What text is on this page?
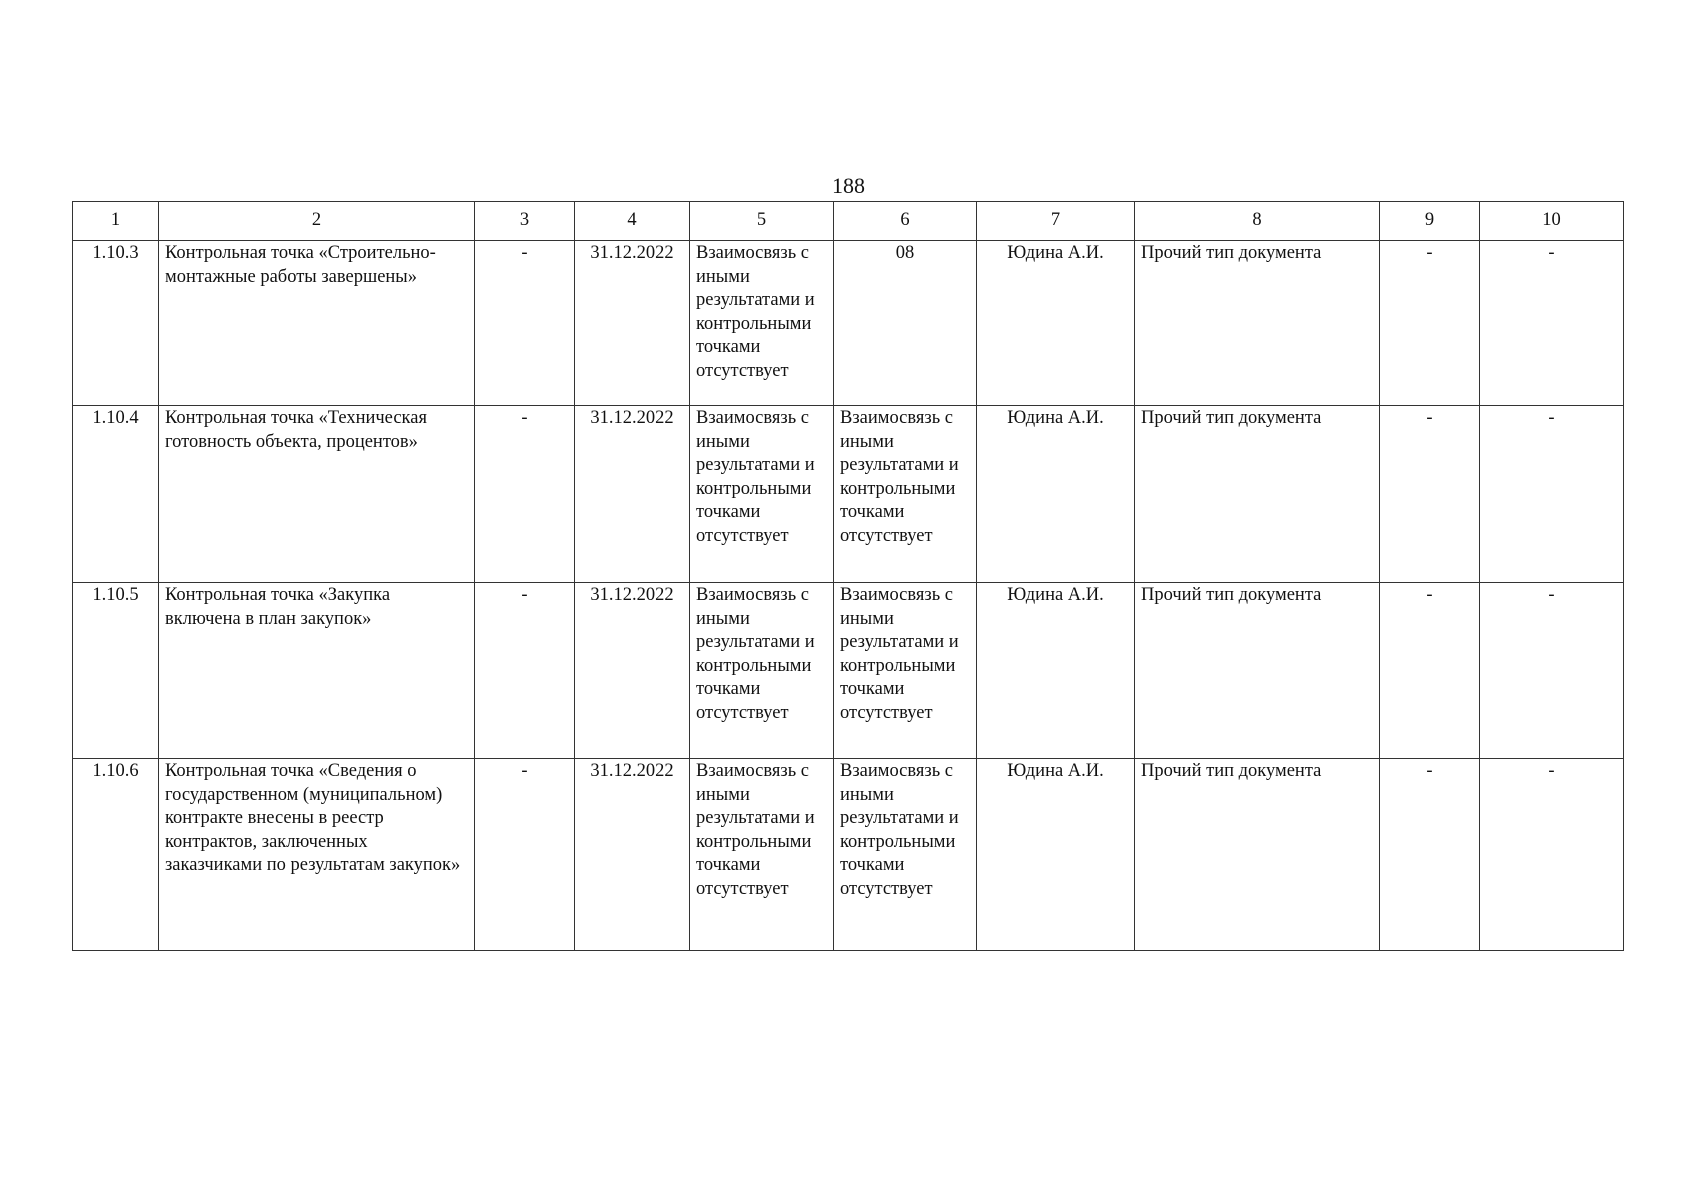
188
1	2	3	4	5	6	7	8	9	10
1.10.3	Контрольная точка «Строительно-монтажные работы завершены»	-	31.12.2022	Взаимосвязь с иными результатами и контрольными точками отсутствует	08	Юдина А.И.	Прочий тип документа	-	-
1.10.4	Контрольная точка «Техническая готовность объекта, процентов»	-	31.12.2022	Взаимосвязь с иными результатами и контрольными точками отсутствует	Взаимосвязь с иными результатами и контрольными точками отсутствует	Юдина А.И.	Прочий тип документа	-	-
1.10.5	Контрольная точка «Закупка включена в план закупок»	-	31.12.2022	Взаимосвязь с иными результатами и контрольными точками отсутствует	Взаимосвязь с иными результатами и контрольными точками отсутствует	Юдина А.И.	Прочий тип документа	-	-
1.10.6	Контрольная точка «Сведения о государственном (муниципальном) контракте внесены в реестр контрактов, заключенных заказчиками по результатам закупок»	-	31.12.2022	Взаимосвязь с иными результатами и контрольными точками отсутствует	Взаимосвязь с иными результатами и контрольными точками отсутствует	Юдина А.И.	Прочий тип документа	-	-
